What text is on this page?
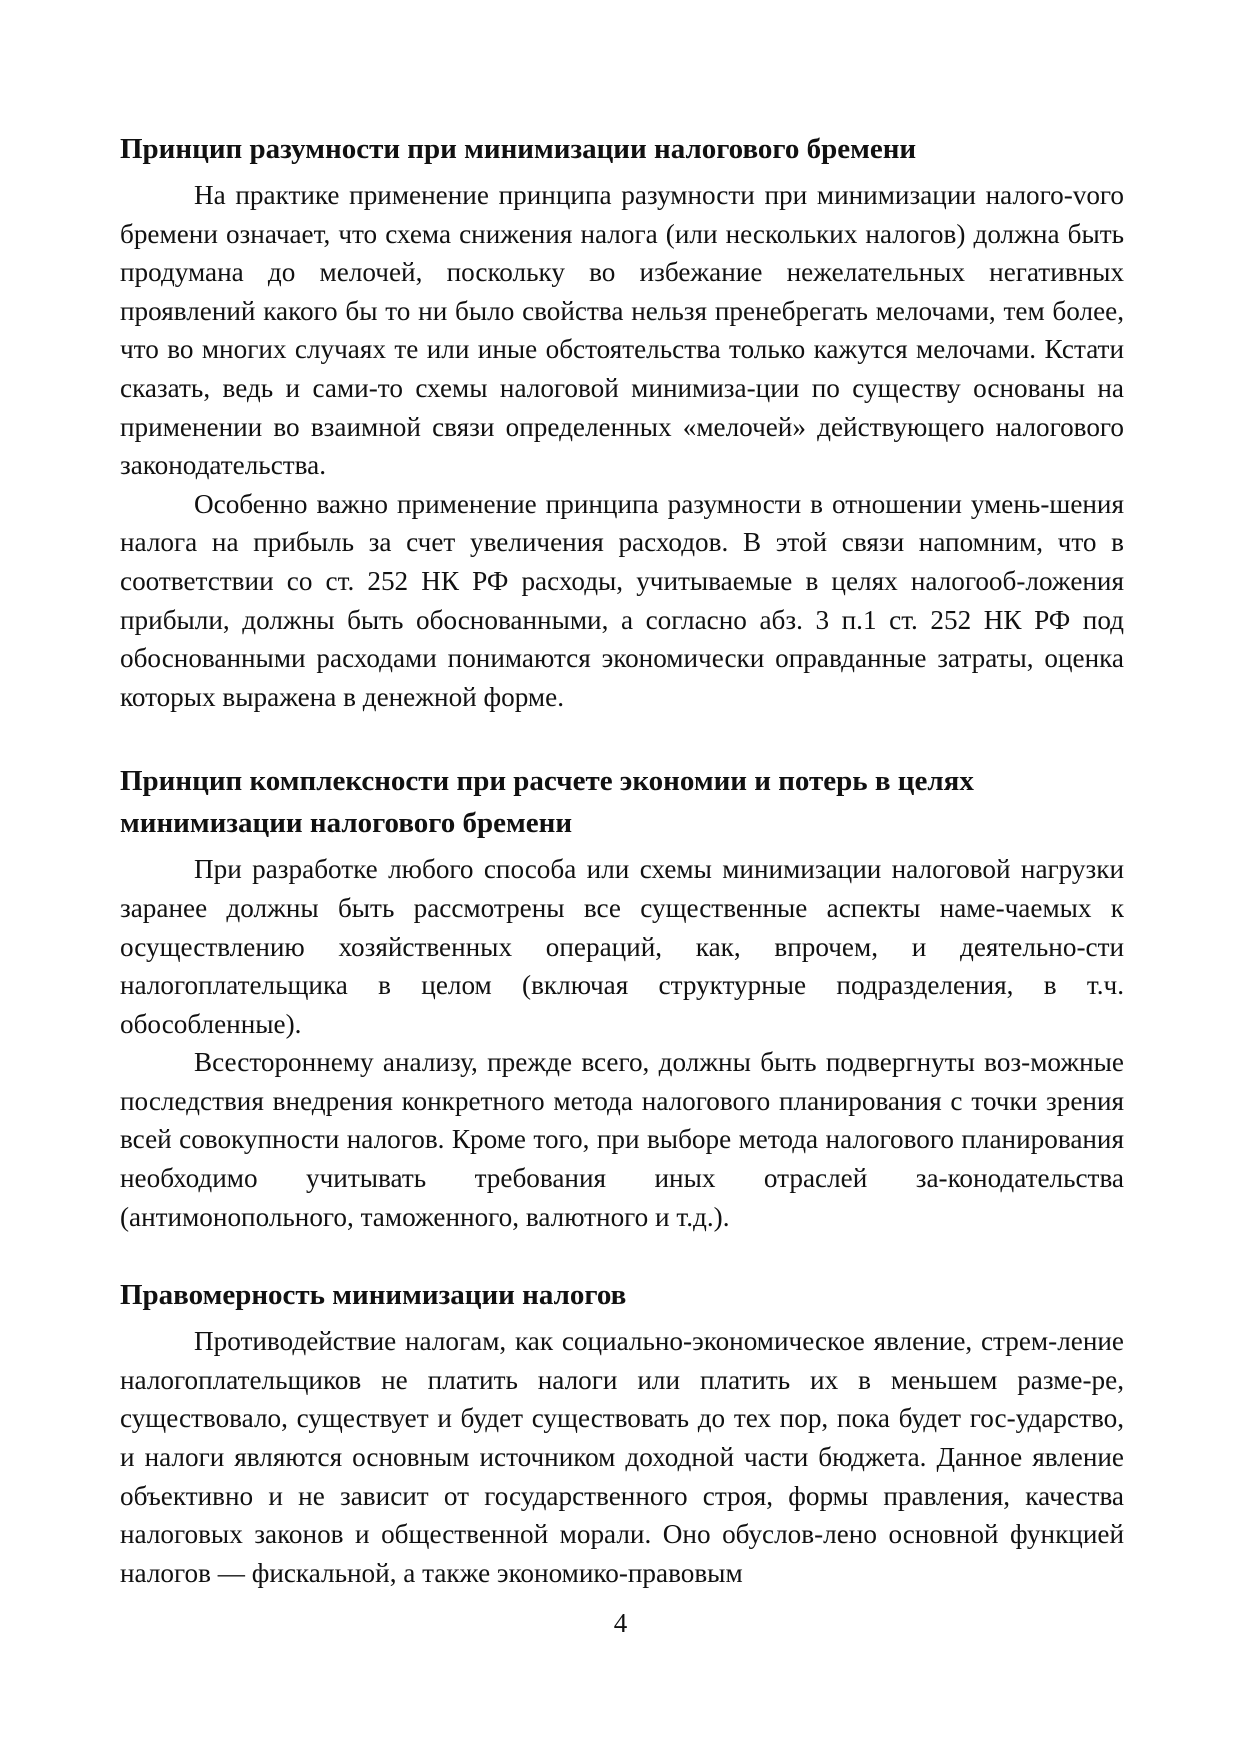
Принцип разумности при минимизации налогового бремени

На практике применение принципа разумности при минимизации налого-vого бремени означает, что схема снижения налога (или нескольких налогов) должна быть продумана до мелочей, поскольку во избежание нежелательных негативных проявлений какого бы то ни было свойства нельзя пренебрегать мелочами, тем более, что во многих случаях те или иные обстоятельства только кажутся мелочами. Кстати сказать, ведь и сами-то схемы налоговой минимиза-ции по существу основаны на применении во взаимной связи определенных «мелочей» действующего налогового законодательства.

Особенно важно применение принципа разумности в отношении умень-шения налога на прибыль за счет увеличения расходов. В этой связи напомним, что в соответствии со ст. 252 НК РФ расходы, учитываемые в целях налогооб-ложения прибыли, должны быть обоснованными, а согласно абз. 3 п.1 ст. 252 НК РФ под обоснованными расходами понимаются экономически оправданные затраты, оценка которых выражена в денежной форме.

Принцип комплексности при расчете экономии и потерь в целях минимизации налогового бремени

При разработке любого способа или схемы минимизации налоговой нагрузки заранее должны быть рассмотрены все существенные аспекты наме-чаемых к осуществлению хозяйственных операций, как, впрочем, и деятельно-сти налогоплательщика в целом (включая структурные подразделения, в т.ч. обособленные).

Всестороннему анализу, прежде всего, должны быть подвергнуты воз-можные последствия внедрения конкретного метода налогового планирования с точки зрения всей совокупности налогов. Кроме того, при выборе метода налогового планирования необходимо учитывать требования иных отраслей за-конодательства (антимонопольного, таможенного, валютного и т.д.).

Правомерность минимизации налогов

Противодействие налогам, как социально-экономическое явление, стрем-ление налогоплательщиков не платить налоги или платить их в меньшем разме-ре, существовало, существует и будет существовать до тех пор, пока будет гос-ударство, и налоги являются основным источником доходной части бюджета. Данное явление объективно и не зависит от государственного строя, формы правления, качества налоговых законов и общественной морали. Оно обуслов-лено основной функцией налогов — фискальной, а также экономико-правовым

4
